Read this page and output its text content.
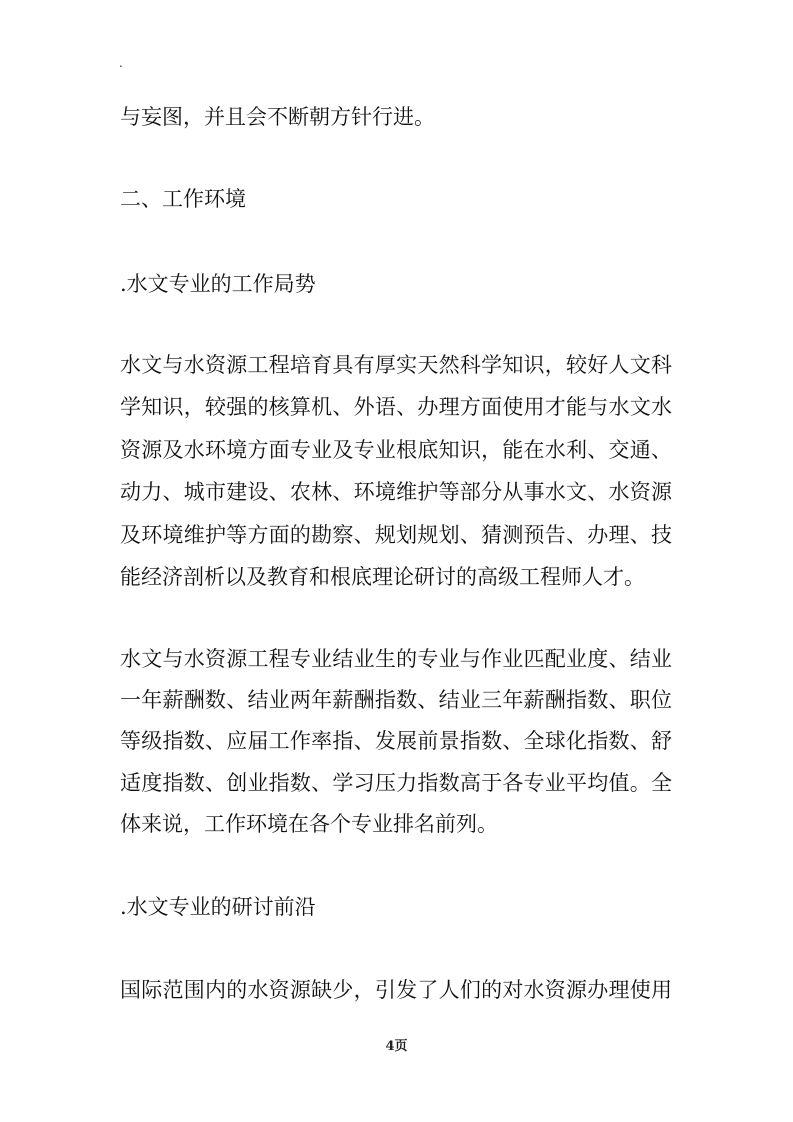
.
与妄图，并且会不断朝方针行进。
二、工作环境
.水文专业的工作局势
水文与水资源工程培育具有厚实天然科学知识，较好人文科
学知识，较强的核算机、外语、办理方面使用才能与水文水
资源及水环境方面专业及专业根底知识，能在水利、交通、
动力、城市建设、农林、环境维护等部分从事水文、水资源
及环境维护等方面的勘察、规划规划、猜测预告、办理、技
能经济剖析以及教育和根底理论研讨的高级工程师人才。
水文与水资源工程专业结业生的专业与作业匹配业度、结业
一年薪酬数、结业两年薪酬指数、结业三年薪酬指数、职位
等级指数、应届工作率指、发展前景指数、全球化指数、舒
适度指数、创业指数、学习压力指数高于各专业平均值。全
体来说，工作环境在各个专业排名前列。
.水文专业的研讨前沿
国际范围内的水资源缺少，引发了人们的对水资源办理使用
4页
